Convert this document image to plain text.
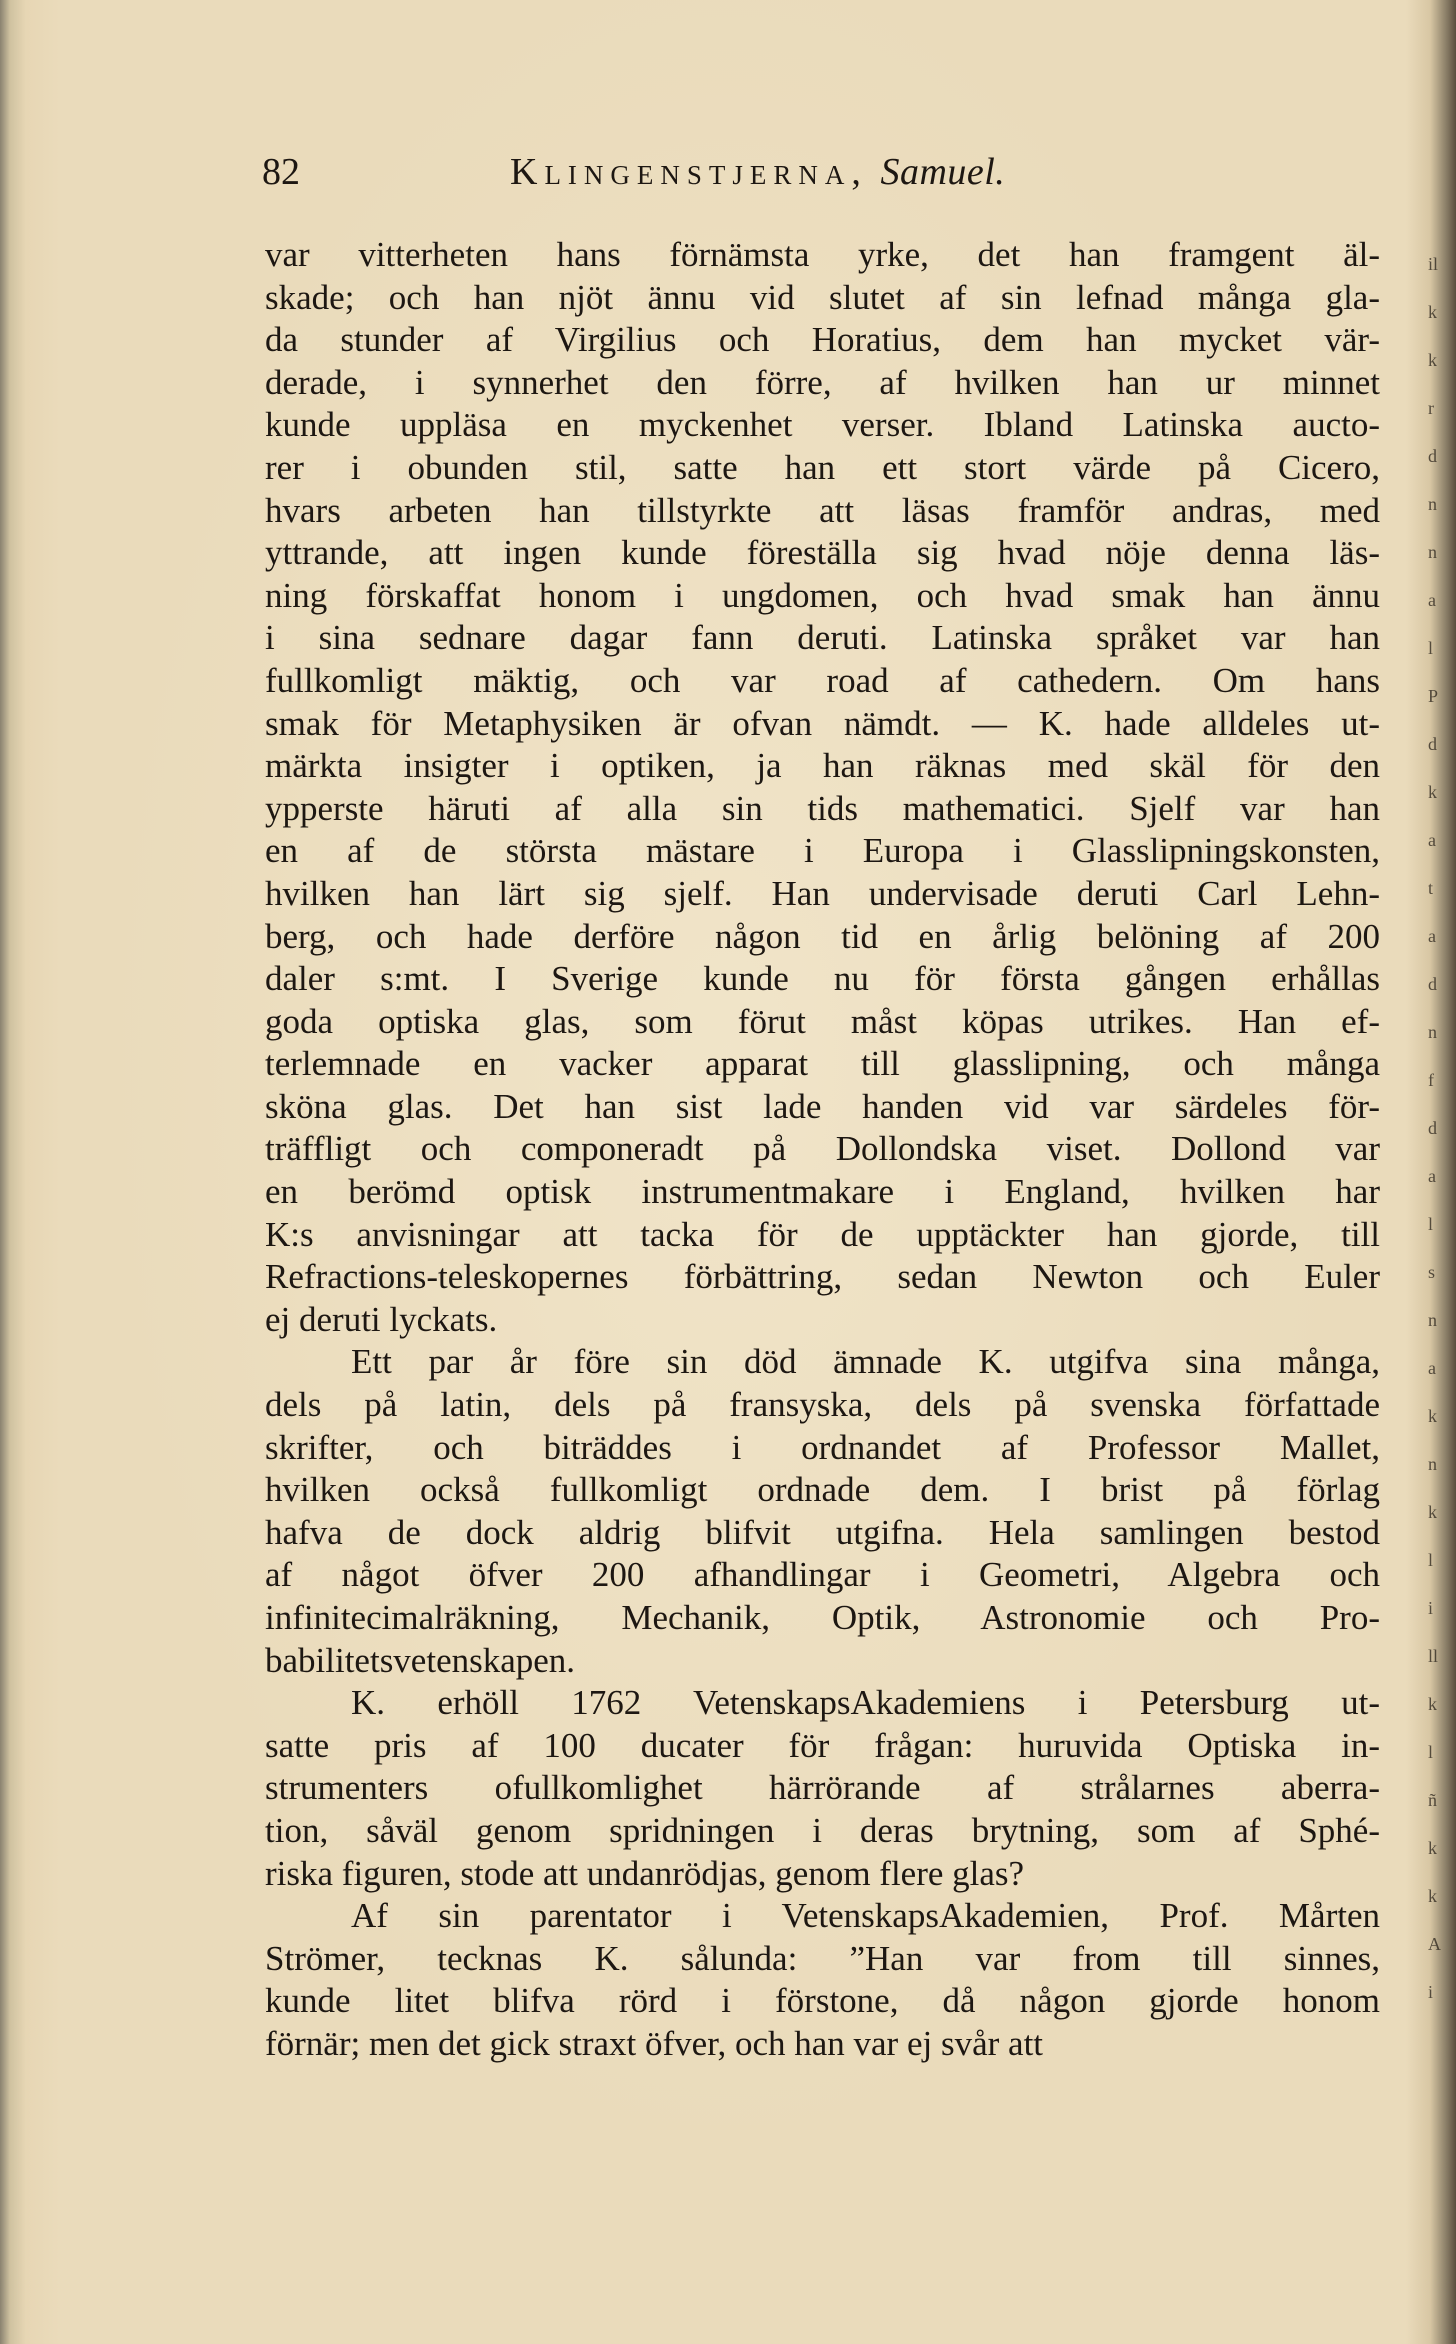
82	Klingenstjerna, Samuel.
var vitterheten hans förnämsta yrke, det han framgent äl-
skade; och han njöt ännu vid slutet af sin lefnad många gla-
da stunder af Virgilius och Horatius, dem han mycket vär-
derade, i synnerhet den förre, af hvilken han ur minnet
kunde uppläsa en myckenhet verser. Ibland Latinska aucto-
rer i obunden stil, satte han ett stort värde på Cicero,
hvars arbeten han tillstyrkte att läsas framför andras, med
yttrande, att ingen kunde föreställa sig hvad nöje denna läs-
ning förskaffat honom i ungdomen, och hvad smak han ännu
i sina sednare dagar fann deruti. Latinska språket var han
fullkomligt mäktig, och var road af cathedern. Om hans
smak för Metaphysiken är ofvan nämdt. — K. hade alldeles ut-
märkta insigter i optiken, ja han räknas med skäl för den
ypperste häruti af alla sin tids mathematici. Sjelf var han
en af de största mästare i Europa i Glasslipningskonsten,
hvilken han lärt sig sjelf. Han undervisade deruti Carl Lehn-
berg, och hade derföre någon tid en årlig belöning af 200
daler s:mt. I Sverige kunde nu för första gången erhållas
goda optiska glas, som förut måst köpas utrikes. Han ef-
terlemnade en vacker apparat till glasslipning, och många
sköna glas. Det han sist lade handen vid var särdeles för-
träffligt och componeradt på Dollondska viset. Dollond var
en berömd optisk instrumentmakare i England, hvilken har
K:s anvisningar att tacka för de upptäckter han gjorde, till
Refractions-teleskopernes förbättring, sedan Newton och Euler
ej deruti lyckats.
Ett par år före sin död ämnade K. utgifva sina många,
dels på latin, dels på fransyska, dels på svenska författade
skrifter, och biträddes i ordnandet af Professor Mallet,
hvilken också fullkomligt ordnade dem. I brist på förlag
hafva de dock aldrig blifvit utgifna. Hela samlingen bestod
af något öfver 200 afhandlingar i Geometri, Algebra och
infinitecimalräkning, Mechanik, Optik, Astronomie och Pro-
babilitetsvetenskapen.
K. erhöll 1762 VetenskapsAkademiens i Petersburg ut-
satte pris af 100 ducater för frågan: huruvida Optiska in-
strumenters ofullkomlighet härrörande af strålarnes aberra-
tion, såväl genom spridningen i deras brytning, som af Sphé-
riska figuren, stode att undanrödjas, genom flere glas?
Af sin parentator i VetenskapsAkademien, Prof. Mårten
Strömer, tecknas K. sålunda: ”Han var from till sinnes,
kunde litet blifva rörd i förstone, då någon gjorde honom
förnär; men det gick straxt öfver, och han var ej svår att
il
k
k
r
d
n
n
a
l
P
d
k
a
t
a
d
n
f
d
a
l
s
n
a
k
n
k
l
i
ll
k
l
ñ
k
k
A
i
